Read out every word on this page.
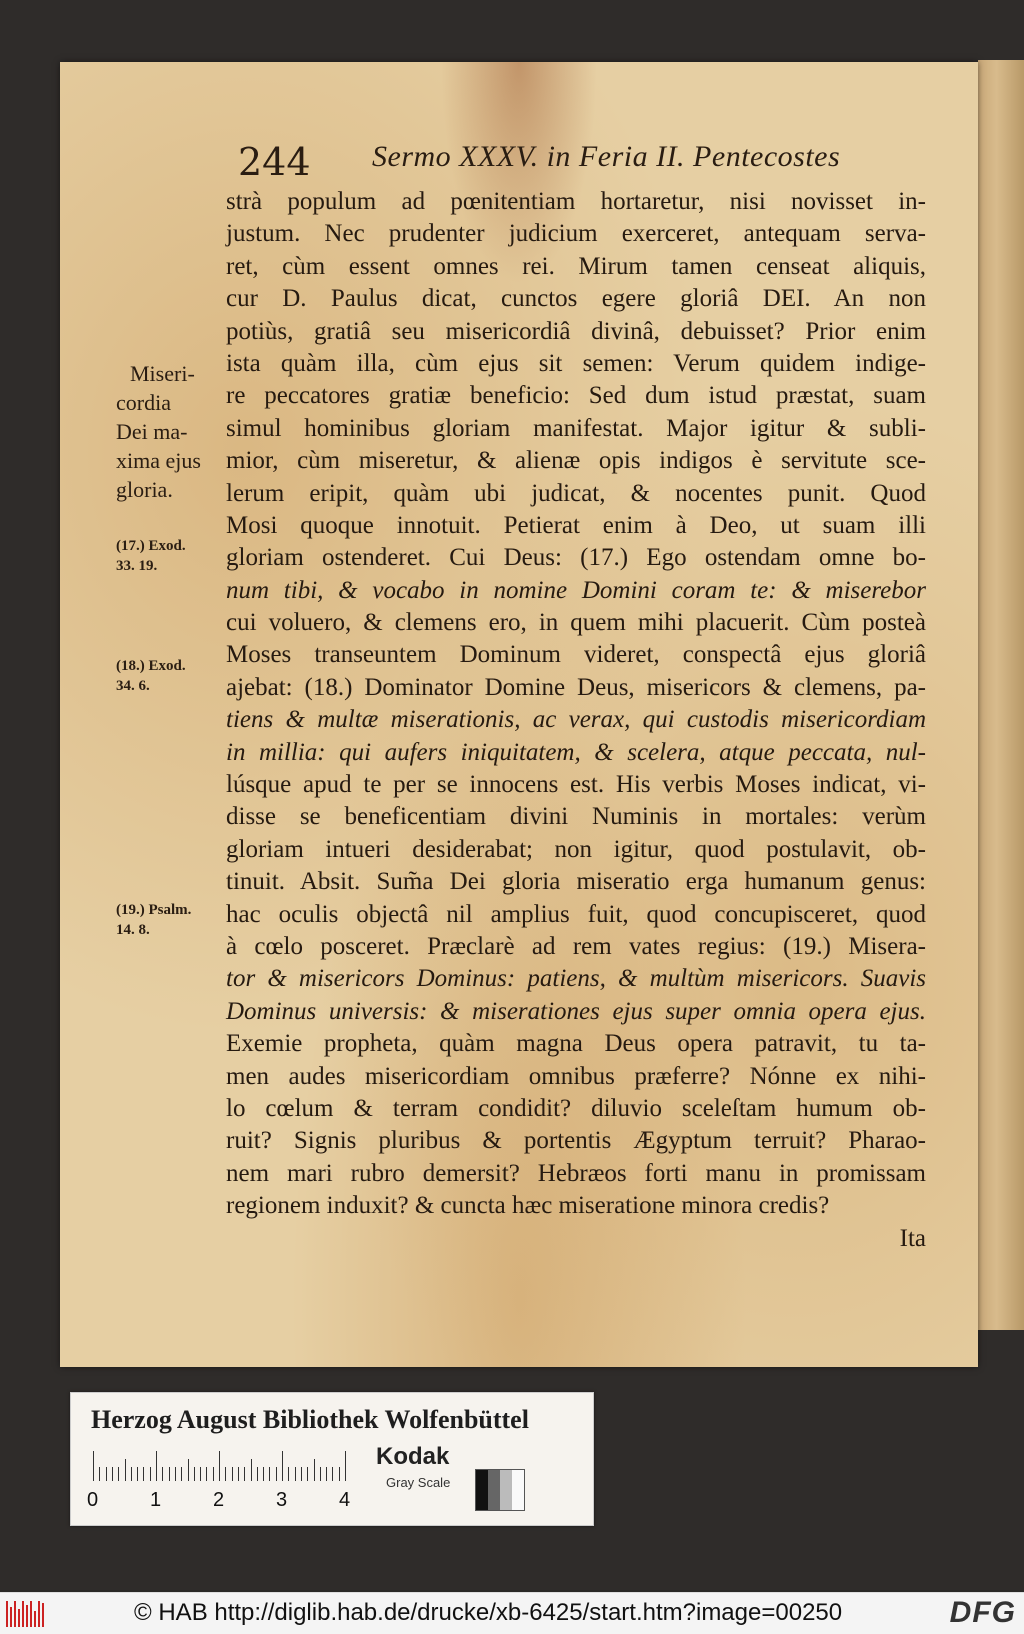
244 Sermo XXXV. in Feria II. Pentecostes
Miseri-
cordia
Dei ma-
xima ejus
gloria.
(17.) Exod.
33. 19.
(18.) Exod.
34. 6.
(19.) Psalm.
14. 8.
strà populum ad pœnitentiam hortaretur, nisi novisset in-
justum. Nec prudenter judicium exerceret, antequam serva-
ret, cùm essent omnes rei. Mirum tamen censeat aliquis,
cur D. Paulus dicat, cunctos egere gloriâ DEI. An non
potiùs, gratiâ seu misericordiâ divinâ, debuisset? Prior enim
ista quàm illa, cùm ejus sit semen: Verum quidem indige-
re peccatores gratiæ beneficio: Sed dum istud præstat, suam
simul hominibus gloriam manifestat. Major igitur & subli-
mior, cùm miseretur, & alienæ opis indigos è servitute sce-
lerum eripit, quàm ubi judicat, & nocentes punit. Quod
Mosi quoque innotuit. Petierat enim à Deo, ut suam illi
gloriam ostenderet. Cui Deus: (17.) Ego ostendam omne bo-
num tibi, & vocabo in nomine Domini coram te: & miserebor
cui voluero, & clemens ero, in quem mihi placuerit. Cùm posteà
Moses transeuntem Dominum videret, conspectâ ejus gloriâ
ajebat: (18.) Dominator Domine Deus, misericors & clemens, pa-
tiens & multæ miserationis, ac verax, qui custodis misericordiam
in millia: qui aufers iniquitatem, & scelera, atque peccata, nul-
lúsque apud te per se innocens est. His verbis Moses indicat, vi-
disse se beneficentiam divini Numinis in mortales: verùm
gloriam intueri desiderabat; non igitur, quod postulavit, ob-
tinuit. Absit. Sum̃a Dei gloria miseratio erga humanum genus:
hac oculis objectâ nil amplius fuit, quod concupisceret, quod
à cœlo posceret. Præclarè ad rem vates regius: (19.) Misera-
tor & misericors Dominus: patiens, & multùm misericors. Suavis
Dominus universis: & miserationes ejus super omnia opera ejus.
Exemie propheta, quàm magna Deus opera patravit, tu ta-
men audes misericordiam omnibus præferre? Nónne ex nihi-
lo cœlum & terram condidit? diluvio sceleſtam humum ob-
ruit? Signis pluribus & portentis Ægyptum terruit? Pharao-
nem mari rubro demersit? Hebræos forti manu in promissam
regionem induxit? & cuncta hæc miseratione minora credis?
Ita
Herzog August Bibliothek Wolfenbüttel
0	1	2	3	4
Kodak
Gray Scale
© HAB http://diglib.hab.de/drucke/xb-6425/start.htm?image=00250	DFG
